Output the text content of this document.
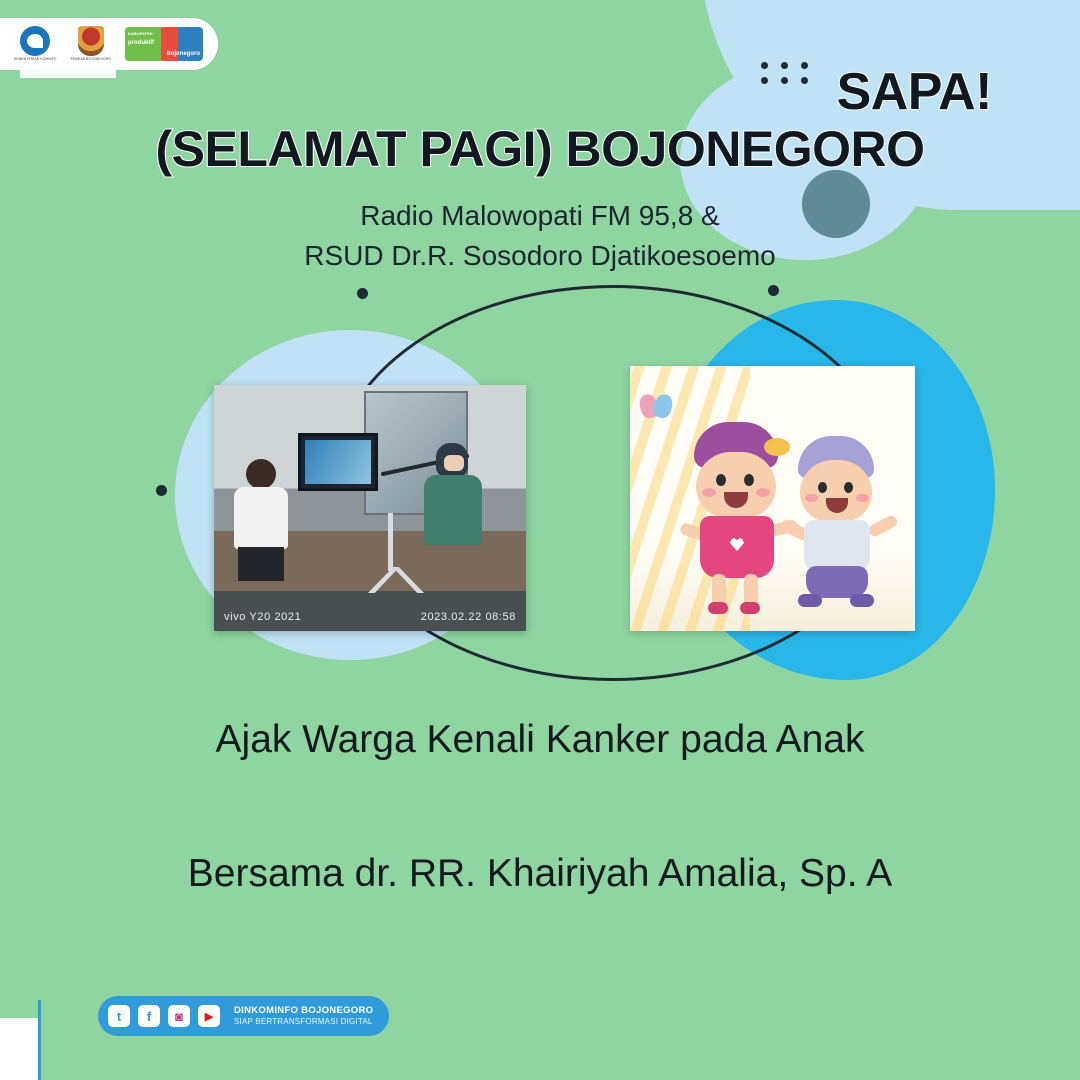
KEMENTERIAN KOMINFO	PEMKAB BOJONEGORO
KABUPATEN
produktif
bojonegoro
SAPA!
(SELAMAT PAGI) BOJONEGORO
Radio Malowopati FM 95,8 &
RSUD Dr.R. Sosodoro Djatikoesoemo
vivo Y20 2021	2023.02.22 08:58
Ajak Warga Kenali Kanker pada Anak
Bersama dr. RR. Khairiyah Amalia, Sp. A
t	f	◙	▶	DINKOMINFO BOJONEGORO
SIAP BERTRANSFORMASI DIGITAL
